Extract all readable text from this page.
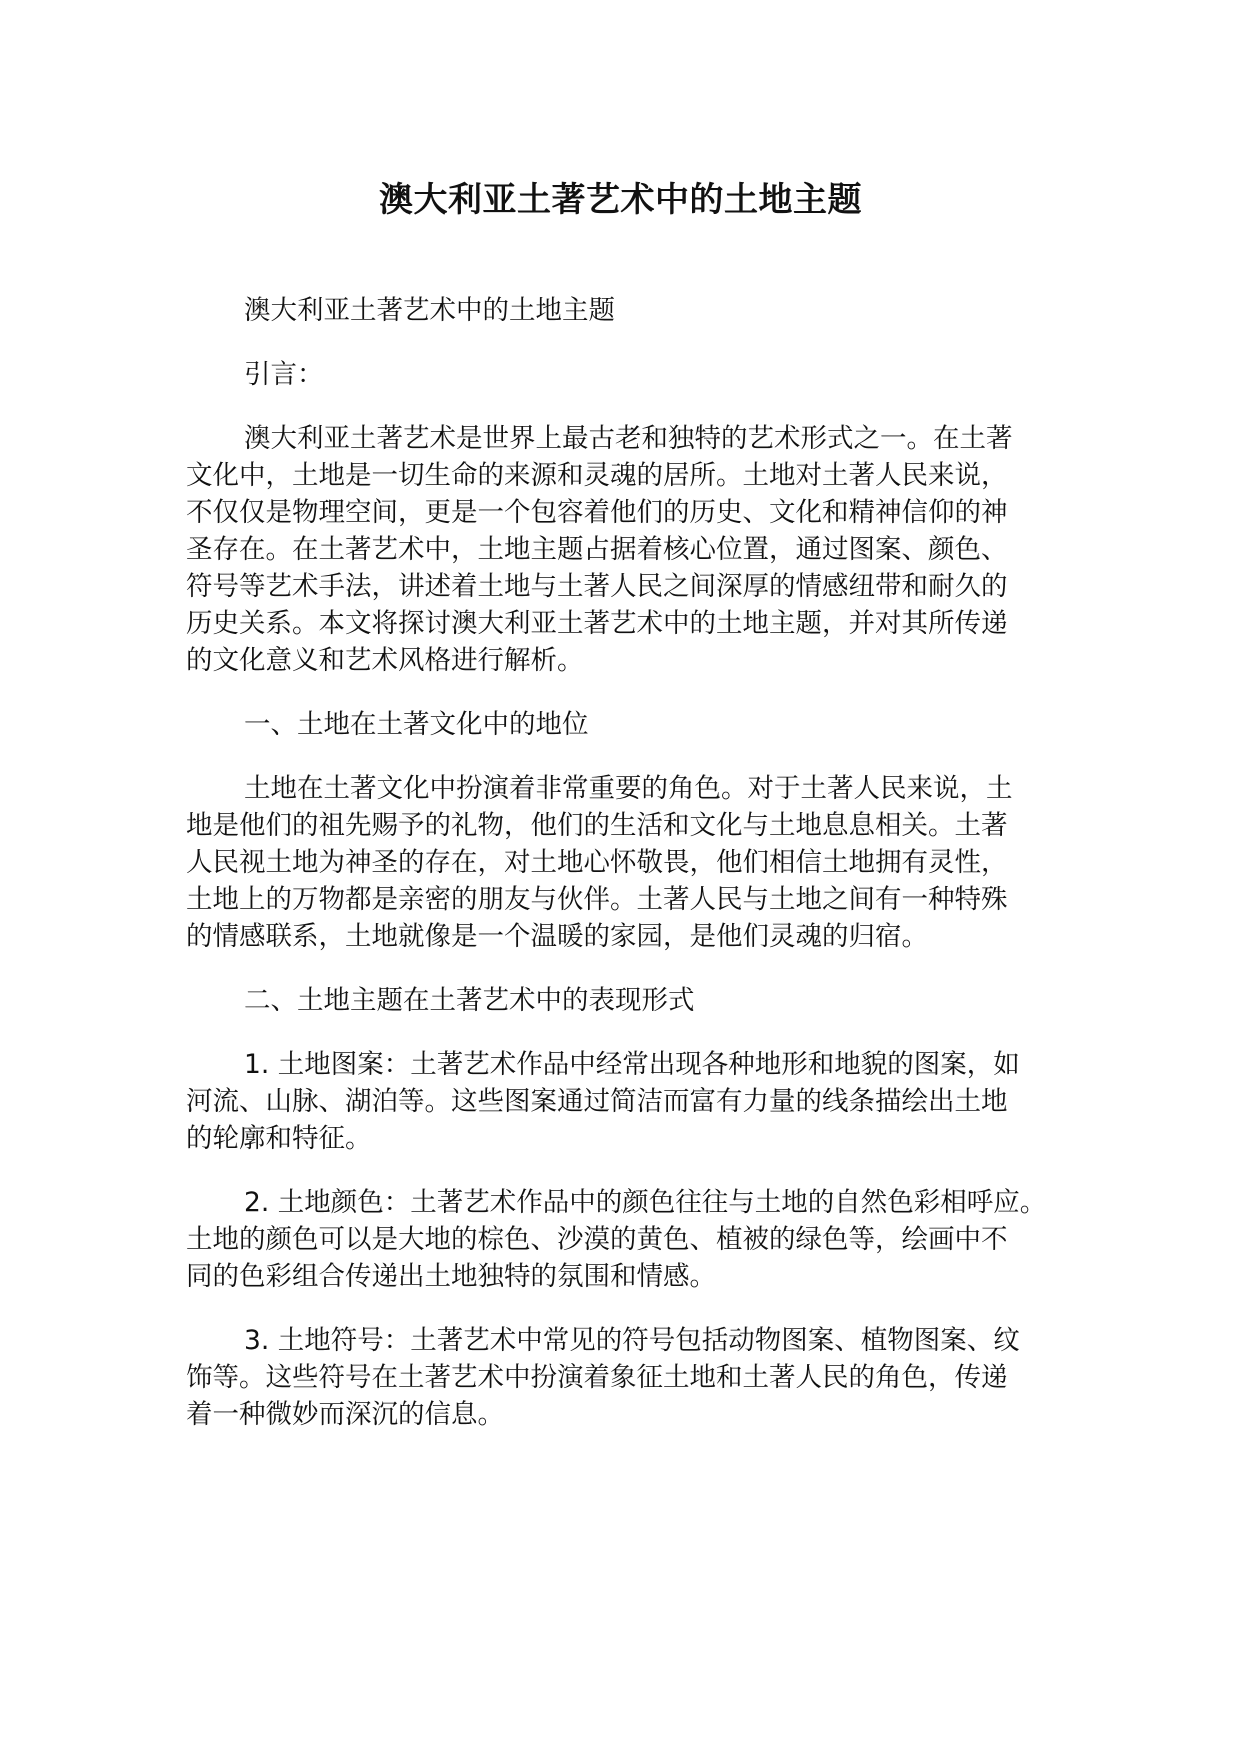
澳大利亚土著艺术中的土地主题
澳大利亚土著艺术中的土地主题
引言：
澳大利亚土著艺术是世界上最古老和独特的艺术形式之一。在土著
文化中，土地是一切生命的来源和灵魂的居所。土地对土著人民来说，
不仅仅是物理空间，更是一个包容着他们的历史、文化和精神信仰的神
圣存在。在土著艺术中，土地主题占据着核心位置，通过图案、颜色、
符号等艺术手法，讲述着土地与土著人民之间深厚的情感纽带和耐久的
历史关系。本文将探讨澳大利亚土著艺术中的土地主题，并对其所传递
的文化意义和艺术风格进行解析。
一、土地在土著文化中的地位
土地在土著文化中扮演着非常重要的角色。对于土著人民来说，土
地是他们的祖先赐予的礼物，他们的生活和文化与土地息息相关。土著
人民视土地为神圣的存在，对土地心怀敬畏，他们相信土地拥有灵性，
土地上的万物都是亲密的朋友与伙伴。土著人民与土地之间有一种特殊
的情感联系，土地就像是一个温暖的家园，是他们灵魂的归宿。
二、土地主题在土著艺术中的表现形式
1. 土地图案：土著艺术作品中经常出现各种地形和地貌的图案，如
河流、山脉、湖泊等。这些图案通过简洁而富有力量的线条描绘出土地
的轮廓和特征。
2. 土地颜色：土著艺术作品中的颜色往往与土地的自然色彩相呼应。
土地的颜色可以是大地的棕色、沙漠的黄色、植被的绿色等，绘画中不
同的色彩组合传递出土地独特的氛围和情感。
3. 土地符号：土著艺术中常见的符号包括动物图案、植物图案、纹
饰等。这些符号在土著艺术中扮演着象征土地和土著人民的角色，传递
着一种微妙而深沉的信息。
